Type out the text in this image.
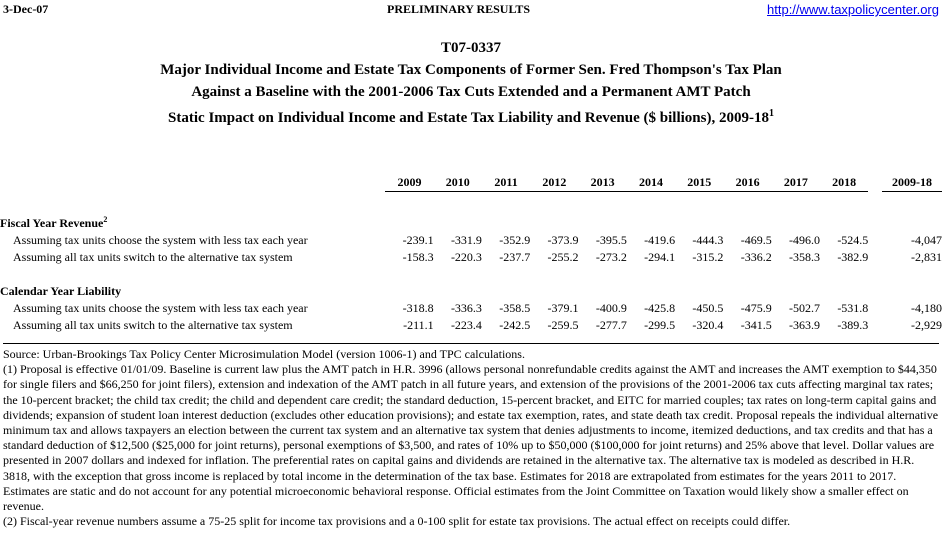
3-Dec-07	PRELIMINARY RESULTS	http://www.taxpolicycenter.org
T07-0337
Major Individual Income and Estate Tax Components of Former Sen. Fred Thompson's Tax Plan
Against a Baseline with the 2001-2006 Tax Cuts Extended and a Permanent AMT Patch
Static Impact on Individual Income and Estate Tax Liability and Revenue ($ billions), $2009-18^1$
	2009	2010	2011	2012	2013	2014	2015	2016	2017	2018		2009-18

Fiscal Year Revenue$^2$
Assuming tax units choose the system with less tax each year	-239.1	-331.9	-352.9	-373.9	-395.5	-419.6	-444.3	-469.5	-496.0	-524.5		-4,047
Assuming all tax units switch to the alternative tax system	-158.3	-220.3	-237.7	-255.2	-273.2	-294.1	-315.2	-336.2	-358.3	-382.9		-2,831

Calendar Year Liability												
Assuming tax units choose the system with less tax each year	-318.8	-336.3	-358.5	-379.1	-400.9	-425.8	-450.5	-475.9	-502.7	-531.8		-4,180
Assuming all tax units switch to the alternative tax system	-211.1	-223.4	-242.5	-259.5	-277.7	-299.5	-320.4	-341.5	-363.9	-389.3		-2,929

Source: Urban-Brookings Tax Policy Center Microsimulation Model (version 1006-1) and TPC calculations.

(1) Proposal is effective 01/01/09. Baseline is current law plus the AMT patch in H.R. 3996 (allows personal nonrefundable credits against the AMT and increases the AMT exemption to $44,350 for single filers and $66,250 for joint filers), extension and indexation of the AMT patch in all future years, and extension of the provisions of the 2001-2006 tax cuts affecting marginal tax rates; the 10-percent bracket; the child tax credit; the child and dependent care credit; the standard deduction, 15-percent bracket, and EITC for married couples; tax rates on long-term capital gains and dividends; expansion of student loan interest deduction (excludes other education provisions); and estate tax exemption, rates, and state death tax credit. Proposal repeals the individual alternative minimum tax and allows taxpayers an election between the current tax system and an alternative tax system that denies adjustments to income, itemized deductions, and tax credits and that has a standard deduction of $12,500 ($25,000 for joint returns), personal exemptions of $3,500, and rates of 10% up to $50,000 ($100,000 for joint returns) and 25% above that level. Dollar values are presented in 2007 dollars and indexed for inflation. The preferential rates on capital gains and dividends are retained in the alternative tax. The alternative tax is modeled as described in H.R. 3818, with the exception that gross income is replaced by total income in the determination of the tax base. Estimates for 2018 are extrapolated from estimates for the years 2011 to 2017. Estimates are static and do not account for any potential microeconomic behavioral response. Official estimates from the Joint Committee on Taxation would likely show a smaller effect on revenue.

(2) Fiscal-year revenue numbers assume a 75-25 split for income tax provisions and a 0-100 split for estate tax provisions. The actual effect on receipts could differ.
